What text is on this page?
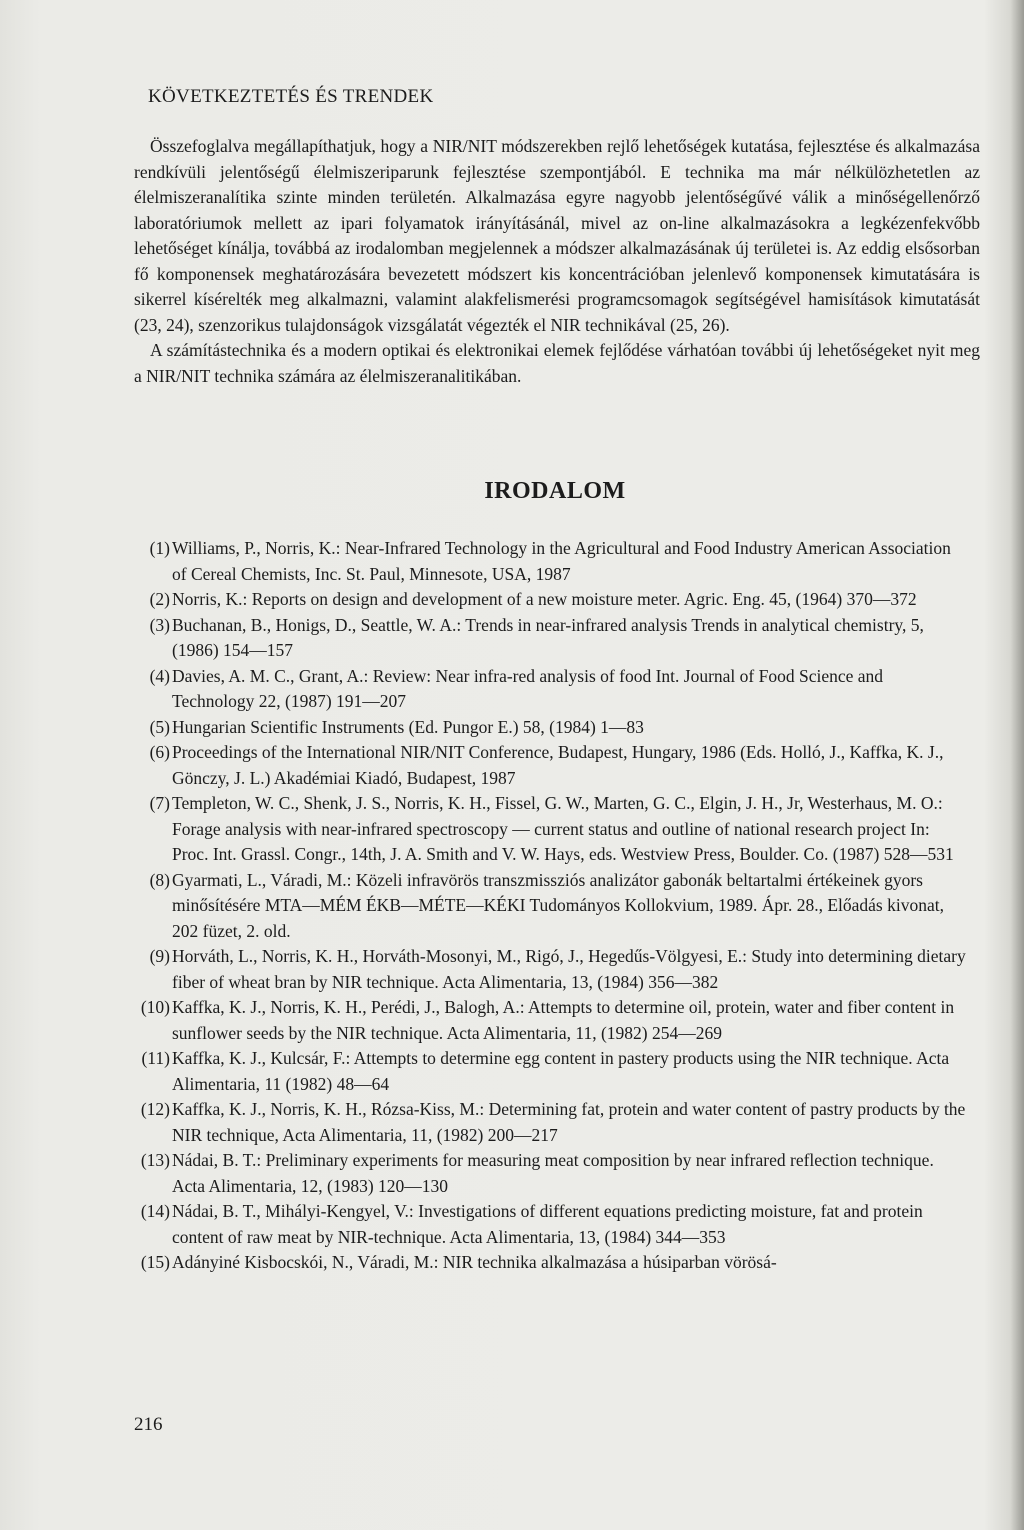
KÖVETKEZTETÉS ÉS TRENDEK

Összefoglalva megállapíthatjuk, hogy a NIR/NIT módszerekben rejlő lehetőségek kutatása, fejlesztése és alkalmazása rendkívüli jelentőségű élelmiszeriparunk fejlesztése szempontjából. E technika ma már nélkülözhetetlen az élelmiszeranalítika szinte minden területén. Alkalmazása egyre nagyobb jelentőségűvé válik a minőségellenőrző laboratóriumok mellett az ipari folyamatok irányításánál, mivel az on-line alkalmazásokra a legkézenfekvőbb lehetőséget kínálja, továbbá az irodalomban megjelennek a módszer alkalmazásának új területei is. Az eddig elsősorban fő komponensek meghatározására bevezetett módszert kis koncentrációban jelenlevő komponensek kimutatására is sikerrel kísérelték meg alkalmazni, valamint alakfelismerési programcsomagok segítségével hamisítások kimutatását (23, 24), szenzorikus tulajdonságok vizsgálatát végezték el NIR technikával (25, 26).

A számítástechnika és a modern optikai és elektronikai elemek fejlődése várhatóan további új lehetőségeket nyit meg a NIR/NIT technika számára az élelmiszeranalitikában.

IRODALOM
(1) Williams, P., Norris, K.: Near-Infrared Technology in the Agricultural and Food Industry American Association of Cereal Chemists, Inc. St. Paul, Minnesote, USA, 1987
(2) Norris, K.: Reports on design and development of a new moisture meter. Agric. Eng. 45, (1964) 370—372
(3) Buchanan, B., Honigs, D., Seattle, W. A.: Trends in near-infrared analysis Trends in analytical chemistry, 5, (1986) 154—157
(4) Davies, A. M. C., Grant, A.: Review: Near infra-red analysis of food Int. Journal of Food Science and Technology 22, (1987) 191—207
(5) Hungarian Scientific Instruments (Ed. Pungor E.) 58, (1984) 1—83
(6) Proceedings of the International NIR/NIT Conference, Budapest, Hungary, 1986 (Eds. Holló, J., Kaffka, K. J., Gönczy, J. L.) Akadémiai Kiadó, Budapest, 1987
(7) Templeton, W. C., Shenk, J. S., Norris, K. H., Fissel, G. W., Marten, G. C., Elgin, J. H., Jr, Westerhaus, M. O.: Forage analysis with near-infrared spectroscopy — current status and outline of national research project In: Proc. Int. Grassl. Congr., 14th, J. A. Smith and V. W. Hays, eds. Westview Press, Boulder. Co. (1987) 528—531
(8) Gyarmati, L., Váradi, M.: Közeli infravörös transzmissziós analizátor gabonák beltartalmi értékeinek gyors minősítésére MTA—MÉM ÉKB—MÉTE—KÉKI Tudományos Kollokvium, 1989. Ápr. 28., Előadás kivonat, 202 füzet, 2. old.
(9) Horváth, L., Norris, K. H., Horváth-Mosonyi, M., Rigó, J., Hegedűs-Völgyesi, E.: Study into determining dietary fiber of wheat bran by NIR technique. Acta Alimentaria, 13, (1984) 356—382
(10) Kaffka, K. J., Norris, K. H., Perédi, J., Balogh, A.: Attempts to determine oil, protein, water and fiber content in sunflower seeds by the NIR technique. Acta Alimentaria, 11, (1982) 254—269
(11) Kaffka, K. J., Kulcsár, F.: Attempts to determine egg content in pastery products using the NIR technique. Acta Alimentaria, 11 (1982) 48—64
(12) Kaffka, K. J., Norris, K. H., Rózsa-Kiss, M.: Determining fat, protein and water content of pastry products by the NIR technique, Acta Alimentaria, 11, (1982) 200—217
(13) Nádai, B. T.: Preliminary experiments for measuring meat composition by near infrared reflection technique. Acta Alimentaria, 12, (1983) 120—130
(14) Nádai, B. T., Mihályi-Kengyel, V.: Investigations of different equations predicting moisture, fat and protein content of raw meat by NIR-technique. Acta Alimentaria, 13, (1984) 344—353
(15) Adányiné Kisbocskói, N., Váradi, M.: NIR technika alkalmazása a húsiparban vörösá-
216
